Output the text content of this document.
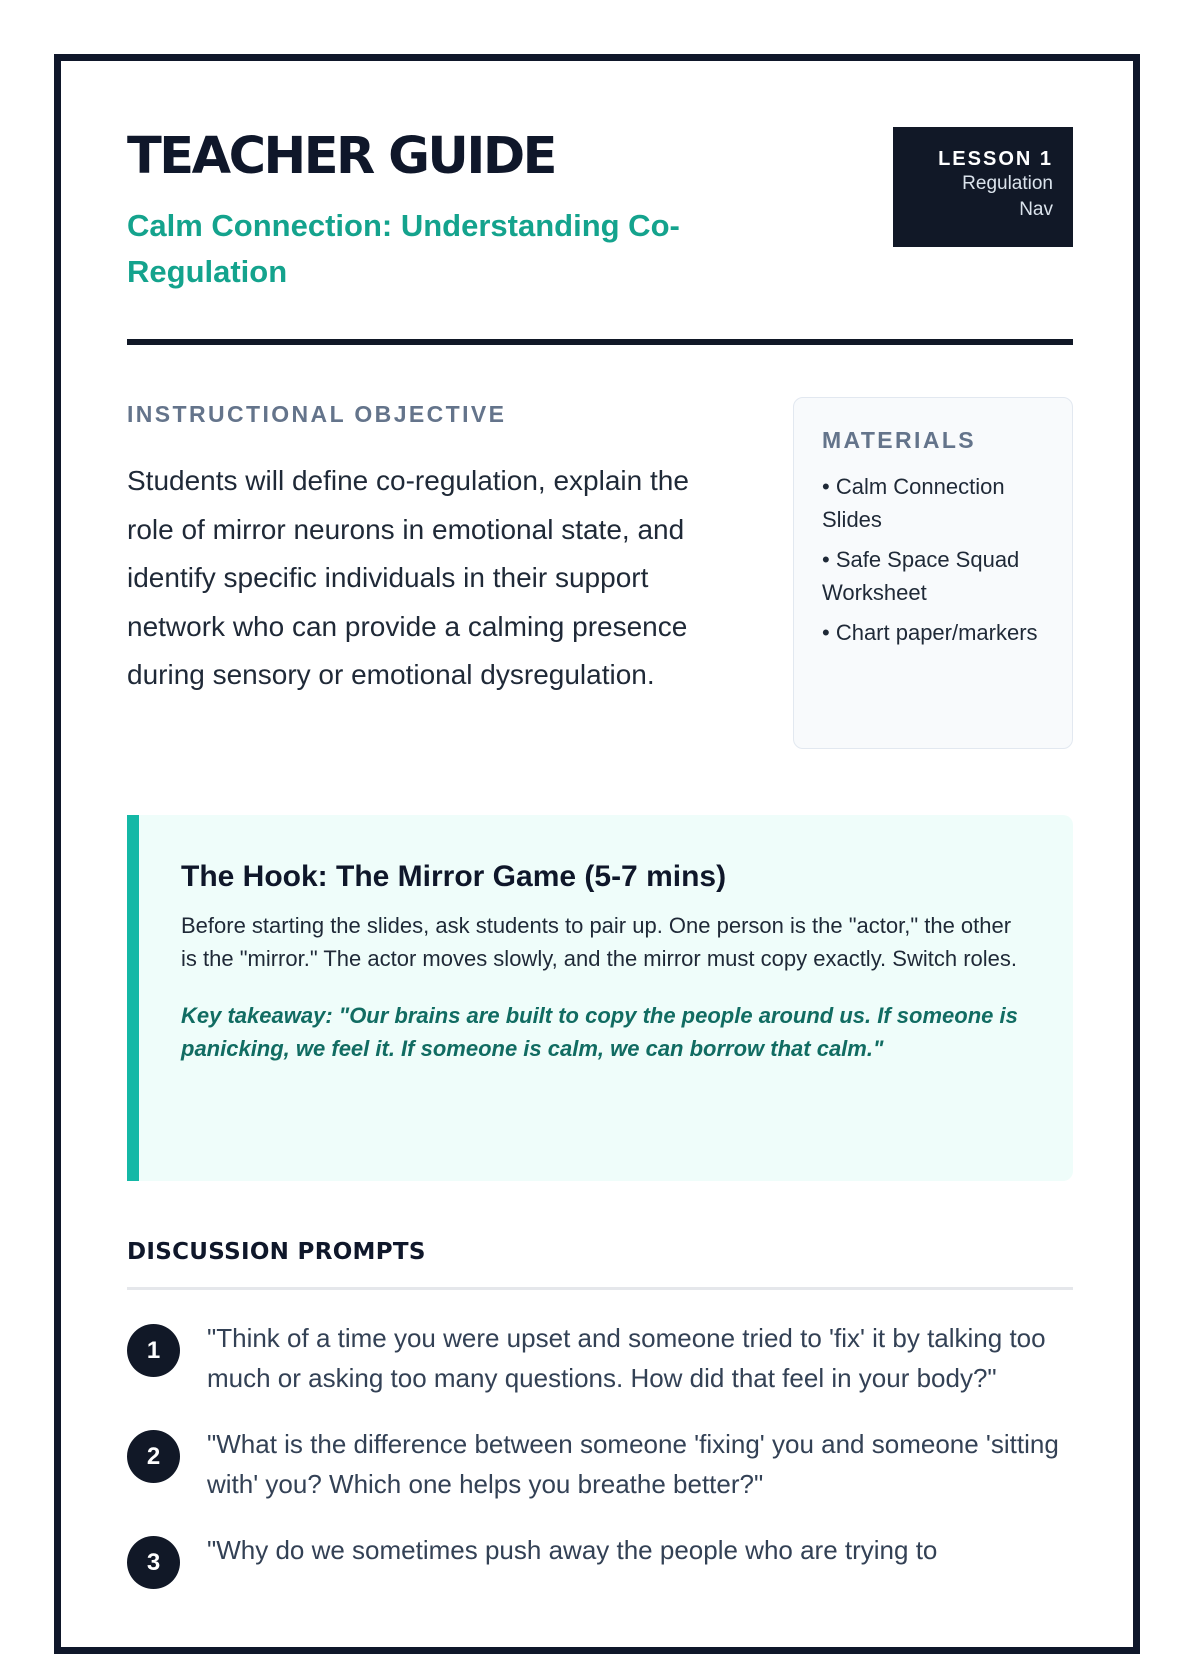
TEACHER GUIDE
Calm Connection: Understanding Co-Regulation
LESSON 1
Regulation
Nav
INSTRUCTIONAL OBJECTIVE
Students will define co-regulation, explain the role of mirror neurons in emotional state, and identify specific individuals in their support network who can provide a calming presence during sensory or emotional dysregulation.
MATERIALS
• Calm Connection Slides
• Safe Space Squad Worksheet
• Chart paper/markers
The Hook: The Mirror Game (5-7 mins)
Before starting the slides, ask students to pair up. One person is the "actor," the other is the "mirror." The actor moves slowly, and the mirror must copy exactly. Switch roles.
Key takeaway: "Our brains are built to copy the people around us. If someone is panicking, we feel it. If someone is calm, we can borrow that calm."
DISCUSSION PROMPTS
1	"Think of a time you were upset and someone tried to 'fix' it by talking too much or asking too many questions. How did that feel in your body?"
2	"What is the difference between someone 'fixing' you and someone 'sitting with' you? Which one helps you breathe better?"
3	"Why do we sometimes push away the people who are trying to
